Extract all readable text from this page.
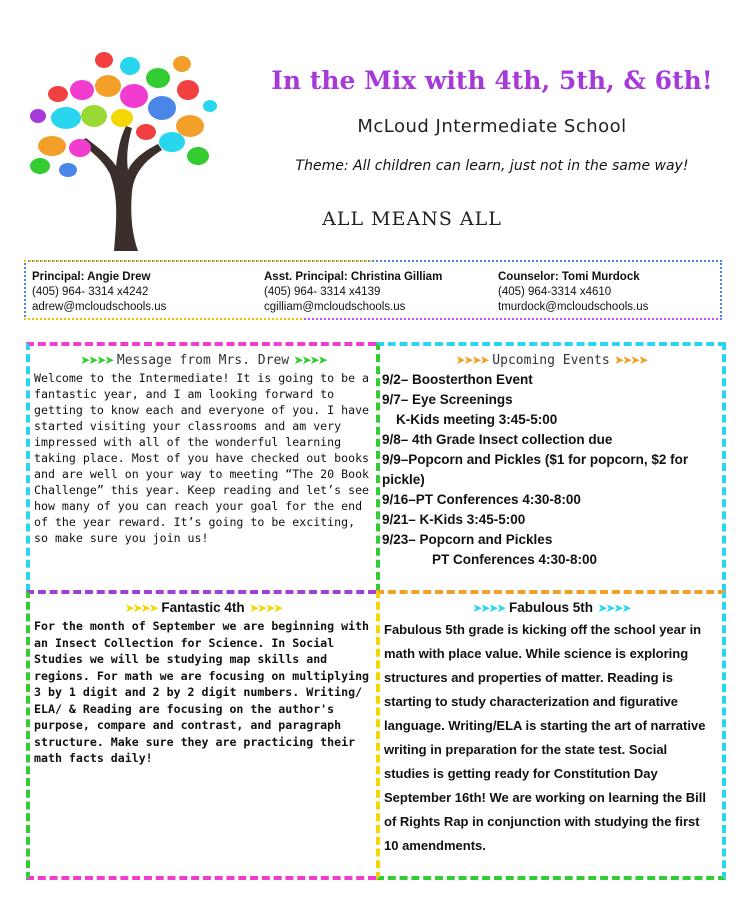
In the Mix with 4th, 5th, & 6th!
McLoud Jntermediate School
Theme: All children can learn, just not in the same way!
ALL MEANS ALL
Principal: Angie Drew
(405) 964- 3314 x4242
adrew@mcloudschools.us
Asst. Principal: Christina Gilliam
(405) 964- 3314 x4139
cgilliam@mcloudschools.us
Counselor: Tomi Murdock
(405) 964-3314 x4610
tmurdock@mcloudschools.us
➤➤➤➤ Message from Mrs. Drew ➤➤➤➤
Welcome to the Intermediate! It is going to be a fantastic year, and I am looking forward to getting to know each and everyone of you. I have started visiting your classrooms and am very impressed with all of the wonderful learning taking place. Most of you have checked out books and are well on your way to meeting “The 20 Book Challenge” this year. Keep reading and let’s see how many of you can reach your goal for the end of the year reward. It’s going to be exciting, so make sure you join us!
➤➤➤➤ Upcoming Events ➤➤➤➤
9/2– Boosterthon Event
9/7– Eye Screenings
K-Kids meeting 3:45-5:00
9/8– 4th Grade Insect collection due
9/9–Popcorn and Pickles ($1 for popcorn, $2 for pickle)
9/16–PT Conferences 4:30-8:00
9/21– K-Kids 3:45-5:00
9/23– Popcorn and Pickles
PT Conferences 4:30-8:00
➤➤➤➤ Fantastic 4th ➤➤➤➤
For the month of September we are beginning with an Insect Collection for Science. In Social Studies we will be studying map skills and regions. For math we are focusing on multiplying 3 by 1 digit and 2 by 2 digit numbers. Writing/ ELA/ & Reading are focusing on the author's purpose, compare and contrast, and paragraph structure. Make sure they are practicing their math facts daily!
➤➤➤➤ Fabulous 5th ➤➤➤➤
Fabulous 5th grade is kicking off the school year in math with place value. While science is exploring structures and properties of matter. Reading is starting to study characterization and figurative language. Writing/ELA is starting the art of narrative writing in preparation for the state test. Social studies is getting ready for Constitution Day September 16th! We are working on learning the Bill of Rights Rap in conjunction with studying the first 10 amendments.
